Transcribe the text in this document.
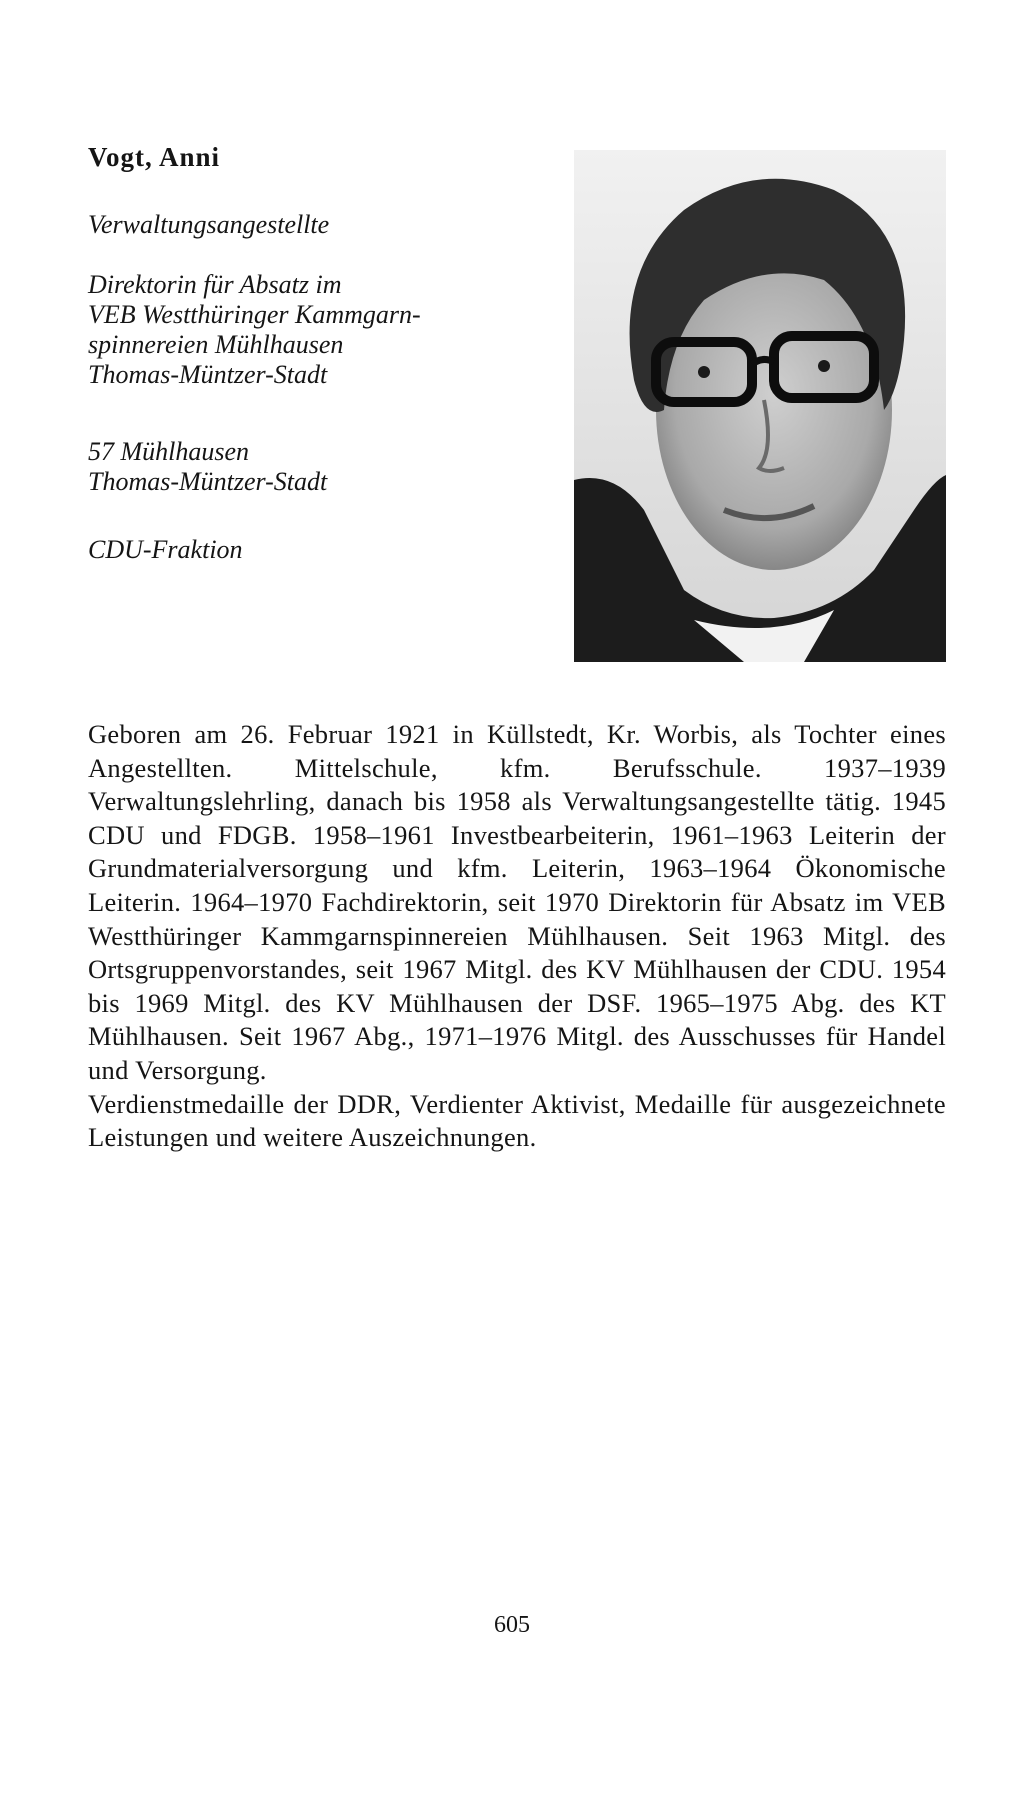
Vogt, Anni
Verwaltungsangestellte
Direktorin für Absatz im
VEB Westthüringer Kammgarn-
spinnereien Mühlhausen
Thomas-Müntzer-Stadt
57 Mühlhausen
Thomas-Müntzer-Stadt
CDU-Fraktion

Geboren am 26. Februar 1921 in Küllstedt, Kr. Worbis, als Tochter eines Angestellten. Mittelschule, kfm. Berufsschule. 1937–1939 Verwaltungslehrling, danach bis 1958 als Verwaltungsangestellte tätig. 1945 CDU und FDGB. 1958–1961 Investbearbeiterin, 1961–1963 Leiterin der Grundmaterialversorgung und kfm. Leiterin, 1963–1964 Ökonomische Leiterin. 1964–1970 Fachdirektorin, seit 1970 Direktorin für Absatz im VEB Westthüringer Kammgarnspinnereien Mühlhausen. Seit 1963 Mitgl. des Ortsgruppenvorstandes, seit 1967 Mitgl. des KV Mühlhausen der CDU. 1954 bis 1969 Mitgl. des KV Mühlhausen der DSF. 1965–1975 Abg. des KT Mühlhausen. Seit 1967 Abg., 1971–1976 Mitgl. des Ausschusses für Handel und Versorgung.

Verdienstmedaille der DDR, Verdienter Aktivist, Medaille für ausgezeichnete Leistungen und weitere Auszeichnungen.

605
